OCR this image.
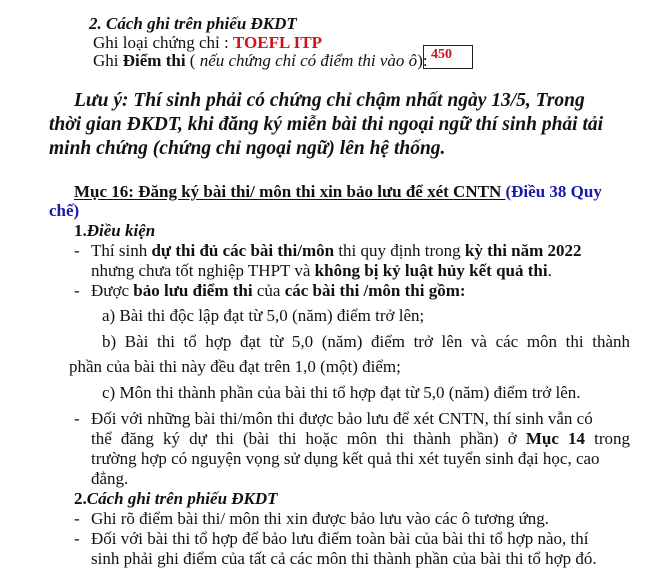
2. Cách ghi trên phiếu ĐKDT
Ghi loại chứng chỉ : TOEFL ITP
Ghi Điểm thi ( nếu chứng chỉ có điểm thi vào ô): 450
Lưu ý: Thí sinh phải có chứng chỉ chậm nhất ngày 13/5, Trong
thời gian ĐKDT, khi đăng ký miễn bài thi ngoại ngữ thí sinh phải tải
minh chứng (chứng chỉ ngoại ngữ) lên hệ thống.
Mục 16: Đăng ký bài thi/ môn thi xin bảo lưu để xét CNTN (Điều 38 Quy
chế)
1.Điều kiện
- Thí sinh dự thi đủ các bài thi/môn thi quy định trong kỳ thi năm 2022
nhưng chưa tốt nghiệp THPT và không bị kỷ luật hủy kết quả thi.
- Được bảo lưu điểm thi của các bài thi /môn thi gồm:
a) Bài thi độc lập đạt từ 5,0 (năm) điểm trở lên;
b) Bài thi tổ hợp đạt từ 5,0 (năm) điểm trở lên và các môn thi thành
phần của bài thi này đều đạt trên 1,0 (một) điểm;
c) Môn thi thành phần của bài thi tổ hợp đạt từ 5,0 (năm) điểm trở lên.
- Đối với những bài thi/môn thi được bảo lưu để xét CNTN, thí sinh vẫn có
thể đăng ký dự thi (bài thi hoặc môn thi thành phần) ở Mục 14 trong
trường hợp có nguyện vọng sử dụng kết quả thi xét tuyển sinh đại học, cao
đẳng.
2.Cách ghi trên phiếu ĐKDT
- Ghi rõ điểm bài thi/ môn thi xin được bảo lưu vào các ô tương ứng.
- Đối với bài thi tổ hợp để bảo lưu điểm toàn bài của bài thi tổ hợp nào, thí
sinh phải ghi điểm của tất cả các môn thi thành phần của bài thi tổ hợp đó.
